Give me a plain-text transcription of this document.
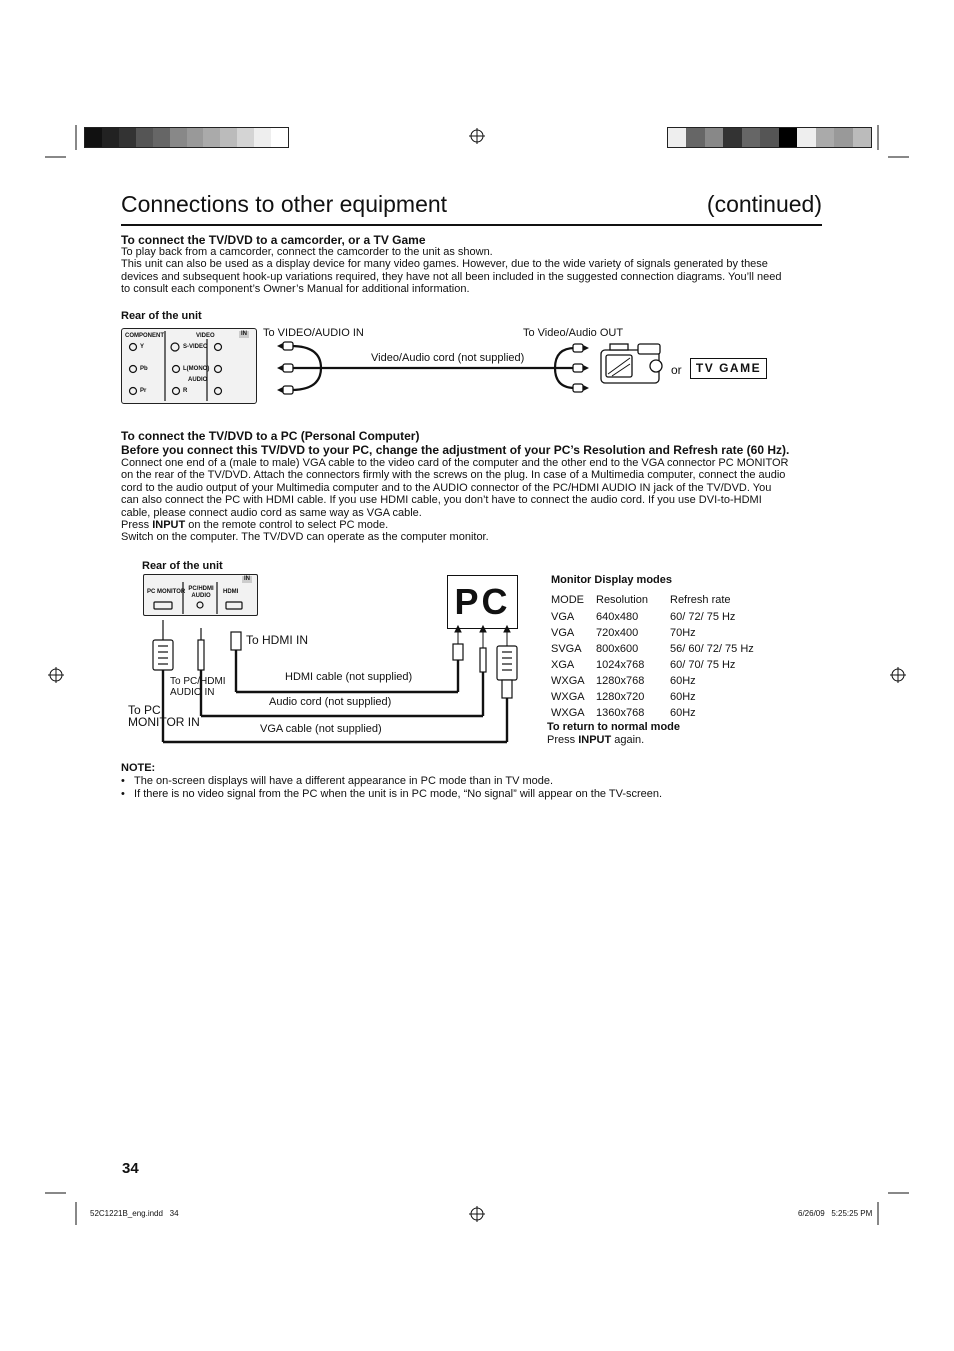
Connections to other equipment	(continued)
To connect the TV/DVD to a camcorder, or a TV Game
To play back from a camcorder, connect the camcorder to the unit as shown.
This unit can also be used as a display device for many video games. However, due to the wide variety of signals generated by these
devices and subsequent hook-up variations required, they have not all been included in the suggested connection diagrams. You’ll need
to consult each component’s Owner’s Manual for additional information.
Rear of the unit
To VIDEO/AUDIO IN	To Video/Audio OUT
Video/Audio cord (not supplied)
or	TV GAME
COMPONENT	VIDEO	IN
Y
Pb
Pr
S-VIDEO
L(MONO)
AUDIO
R
To connect the TV/DVD to a PC (Personal Computer)
Before you connect this TV/DVD to your PC, change the adjustment of your PC’s Resolution and Refresh rate (60 Hz).
Connect one end of a (male to male) VGA cable to the video card of the computer and the other end to the VGA connector PC MONITOR
on the rear of the TV/DVD. Attach the connectors firmly with the screws on the plug. In case of a Multimedia computer, connect the audio
cord to the audio output of your Multimedia computer and to the AUDIO connector of the PC/HDMI AUDIO IN jack of the TV/DVD. You
can also connect the PC with HDMI cable. If you use HDMI cable, you don’t have to connect the audio cord. If you use DVI-to-HDMI
cable, please connect audio cord as same way as VGA cable.
Press INPUT on the remote control to select PC mode.
Switch on the computer. The TV/DVD can operate as the computer monitor.
Rear of the unit
PC MONITOR PC/HDMI AUDIO
HDMI
IN
To HDMI IN
To PC/HDMI
AUDIO IN
To PC
MONITOR IN
HDMI cable (not supplied)
Audio cord (not supplied)
VGA cable (not supplied)
PC
Monitor Display modes
MODE	Resolution	Refresh rate
VGA	640x480	60/ 72/ 75 Hz
VGA	720x400	70Hz
SVGA	800x600	56/ 60/ 72/ 75 Hz
XGA	1024x768	60/ 70/ 75 Hz
WXGA	1280x768	60Hz
WXGA	1280x720	60Hz
WXGA	1360x768	60Hz
To return to normal mode
Press INPUT again.
NOTE:
•   The on-screen displays will have a different appearance in PC mode than in TV mode.
•   If there is no video signal from the PC when the unit is in PC mode, “No signal” will appear on the TV-screen.
34
52C1221B_eng.indd   34	6/26/09   5:25:25 PM
